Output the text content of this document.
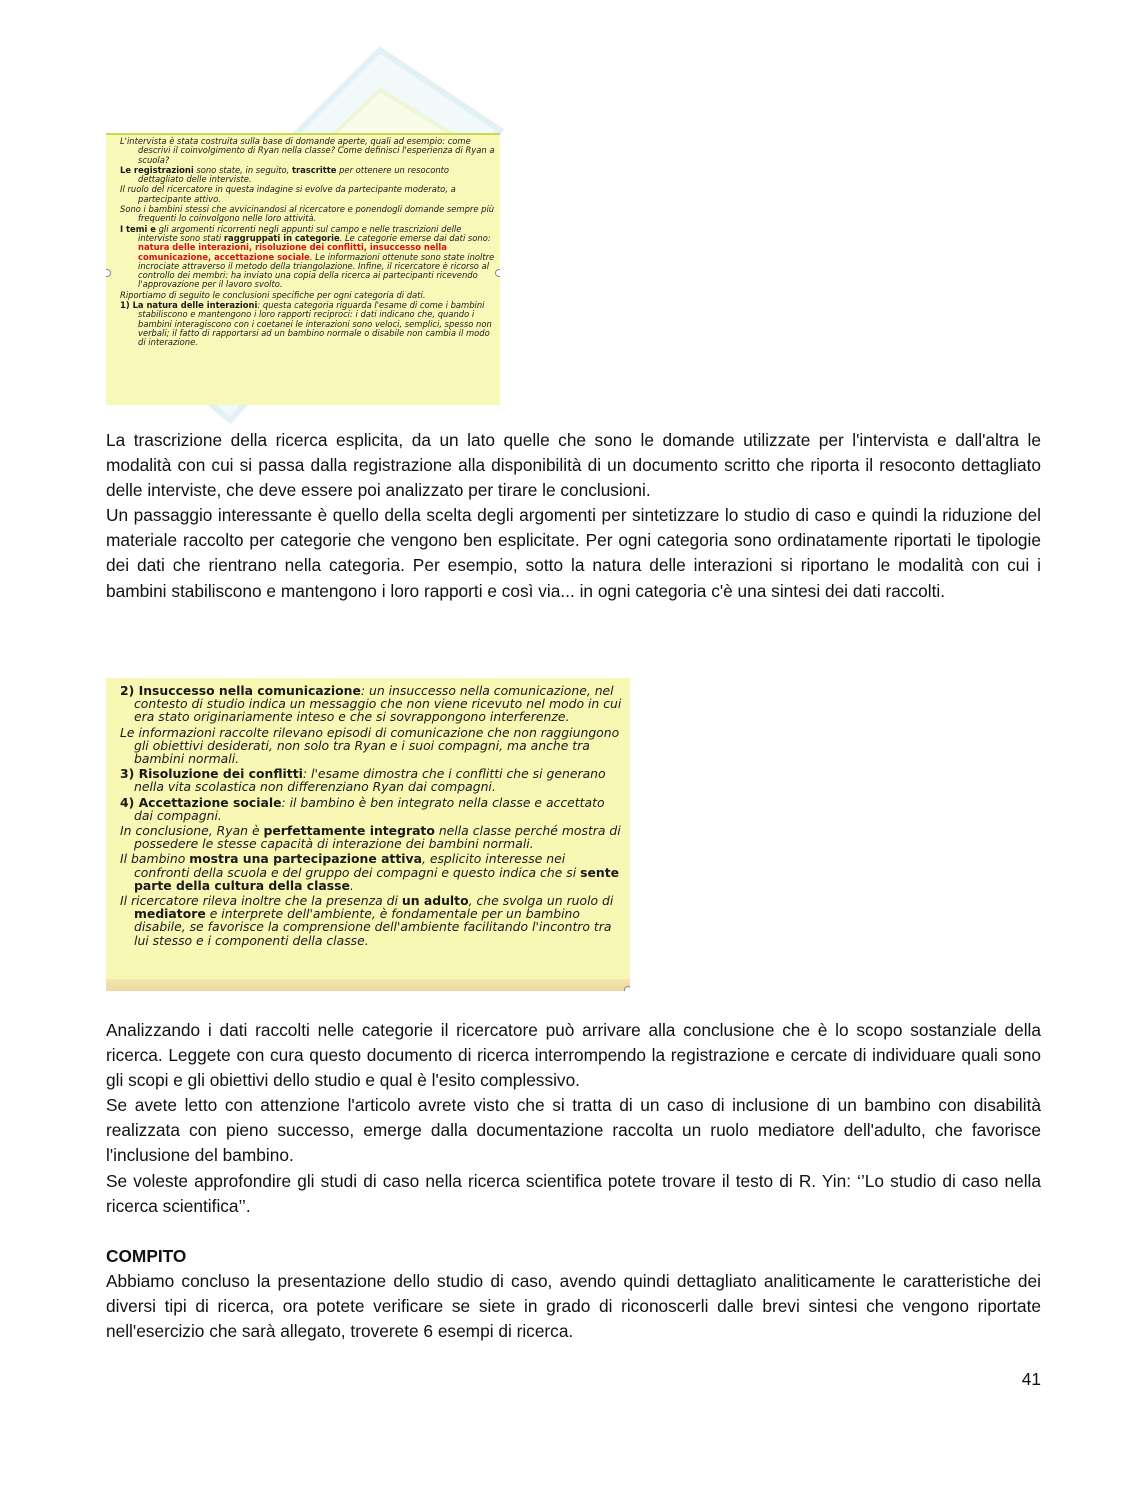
L'intervista è stata costruita sulla base di domande aperte, quali ad esempio: come descrivi il coinvolgimento di Ryan nella classe? Come definisci l'esperienza di Ryan a scuola?
Le registrazioni sono state, in seguito, trascritte per ottenere un resoconto dettagliato delle interviste.
Il ruolo del ricercatore in questa indagine si evolve da partecipante moderato, a partecipante attivo.
Sono i bambini stessi che avvicinandosi al ricercatore e ponendogli domande sempre più frequenti lo coinvolgono nelle loro attività.
I temi e gli argomenti ricorrenti negli appunti sul campo e nelle trascrizioni delle interviste sono stati raggruppati in categorie. Le categorie emerse dai dati sono: natura delle interazioni, risoluzione dei conflitti, insuccesso nella comunicazione, accettazione sociale. Le informazioni ottenute sono state inoltre incrociate attraverso il metodo della triangolazione. Infine, il ricercatore è ricorso al controllo dei membri: ha inviato una copia della ricerca ai partecipanti ricevendo l'approvazione per il lavoro svolto.
Riportiamo di seguito le conclusioni specifiche per ogni categoria di dati.
1) La natura delle interazioni: questa categoria riguarda l'esame di come i bambini stabiliscono e mantengono i loro rapporti reciproci: i dati indicano che, quando i bambini interagiscono con i coetanei le interazioni sono veloci, semplici, spesso non verbali; il fatto di rapportarsi ad un bambino normale o disabile non cambia il modo di interazione.

La trascrizione della ricerca esplicita, da un lato quelle che sono le domande utilizzate per l'intervista e dall'altra le modalità con cui si passa dalla registrazione alla disponibilità di un documento scritto che riporta il resoconto dettagliato delle interviste, che deve essere poi analizzato per tirare le conclusioni.

Un passaggio interessante è quello della scelta degli argomenti per sintetizzare lo studio di caso e quindi la riduzione del materiale raccolto per categorie che vengono ben esplicitate. Per ogni categoria sono ordinatamente riportati le tipologie dei dati che rientrano nella categoria. Per esempio, sotto la natura delle interazioni si riportano le modalità con cui i bambini stabiliscono e mantengono i loro rapporti e così via... in ogni categoria c'è una sintesi dei dati raccolti.

2) Insuccesso nella comunicazione: un insuccesso nella comunicazione, nel contesto di studio indica un messaggio che non viene ricevuto nel modo in cui era stato originariamente inteso e che si sovrappongono interferenze.
Le informazioni raccolte rilevano episodi di comunicazione che non raggiungono gli obiettivi desiderati, non solo tra Ryan e i suoi compagni, ma anche tra bambini normali.
3) Risoluzione dei conflitti: l'esame dimostra che i conflitti che si generano nella vita scolastica non differenziano Ryan dai compagni.
4) Accettazione sociale: il bambino è ben integrato nella classe e accettato dai compagni.
In conclusione, Ryan è perfettamente integrato nella classe perché mostra di possedere le stesse capacità di interazione dei bambini normali.
Il bambino mostra una partecipazione attiva, esplicito interesse nei confronti della scuola e del gruppo dei compagni e questo indica che si sente parte della cultura della classe.
Il ricercatore rileva inoltre che la presenza di un adulto, che svolga un ruolo di mediatore e interprete dell'ambiente, è fondamentale per un bambino disabile, se favorisce la comprensione dell'ambiente facilitando l'incontro tra lui stesso e i componenti della classe.

Analizzando i dati raccolti nelle categorie il ricercatore può arrivare alla conclusione che è lo scopo sostanziale della ricerca. Leggete con cura questo documento di ricerca interrompendo la registrazione e cercate di individuare quali sono gli scopi e gli obiettivi dello studio e qual è l'esito complessivo.

Se avete letto con attenzione l'articolo avrete visto che si tratta di un caso di inclusione di un bambino con disabilità realizzata con pieno successo, emerge dalla documentazione raccolta un ruolo mediatore dell'adulto, che favorisce l'inclusione del bambino.

Se voleste approfondire gli studi di caso nella ricerca scientifica potete trovare il testo di R. Yin: ‘’Lo studio di caso nella ricerca scientifica’’.

COMPITO

Abbiamo concluso la presentazione dello studio di caso, avendo quindi dettagliato analiticamente le caratteristiche dei diversi tipi di ricerca, ora potete verificare se siete in grado di riconoscerli dalle brevi sintesi che vengono riportate nell'esercizio che sarà allegato, troverete 6 esempi di ricerca.

41
